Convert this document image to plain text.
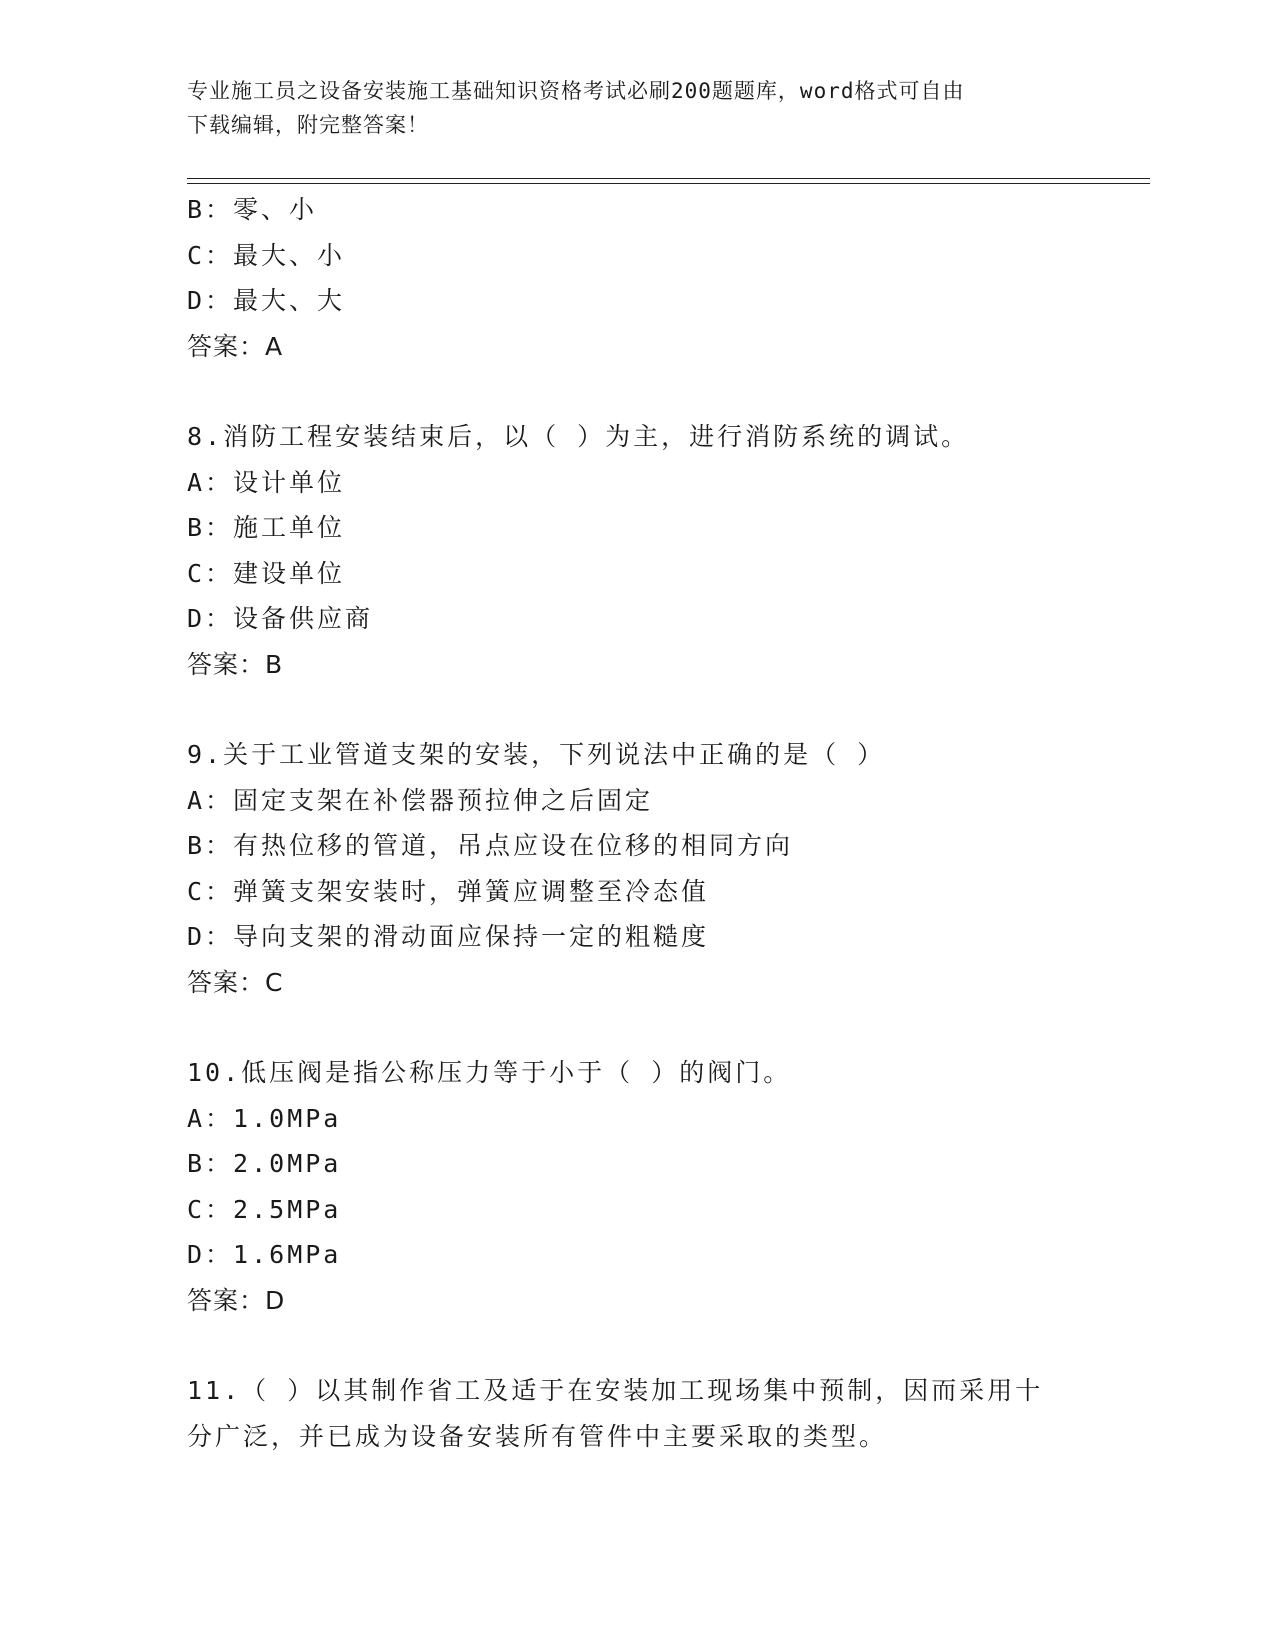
专业施工员之设备安装施工基础知识资格考试必刷200题题库，word格式可自由
下载编辑，附完整答案！
B：零、小
C：最大、小
D：最大、大
答案：A
8.消防工程安装结束后，以（ ）为主，进行消防系统的调试。
A：设计单位
B：施工单位
C：建设单位
D：设备供应商
答案：B
9.关于工业管道支架的安装，下列说法中正确的是（ ）
A：固定支架在补偿器预拉伸之后固定
B：有热位移的管道，吊点应设在位移的相同方向
C：弹簧支架安装时，弹簧应调整至冷态值
D：导向支架的滑动面应保持一定的粗糙度
答案：C
10.低压阀是指公称压力等于小于（ ）的阀门。
A：1.0MPa
B：2.0MPa
C：2.5MPa
D：1.6MPa
答案：D
11.（ ）以其制作省工及适于在安装加工现场集中预制，因而采用十
分广泛，并已成为设备安装所有管件中主要采取的类型。
